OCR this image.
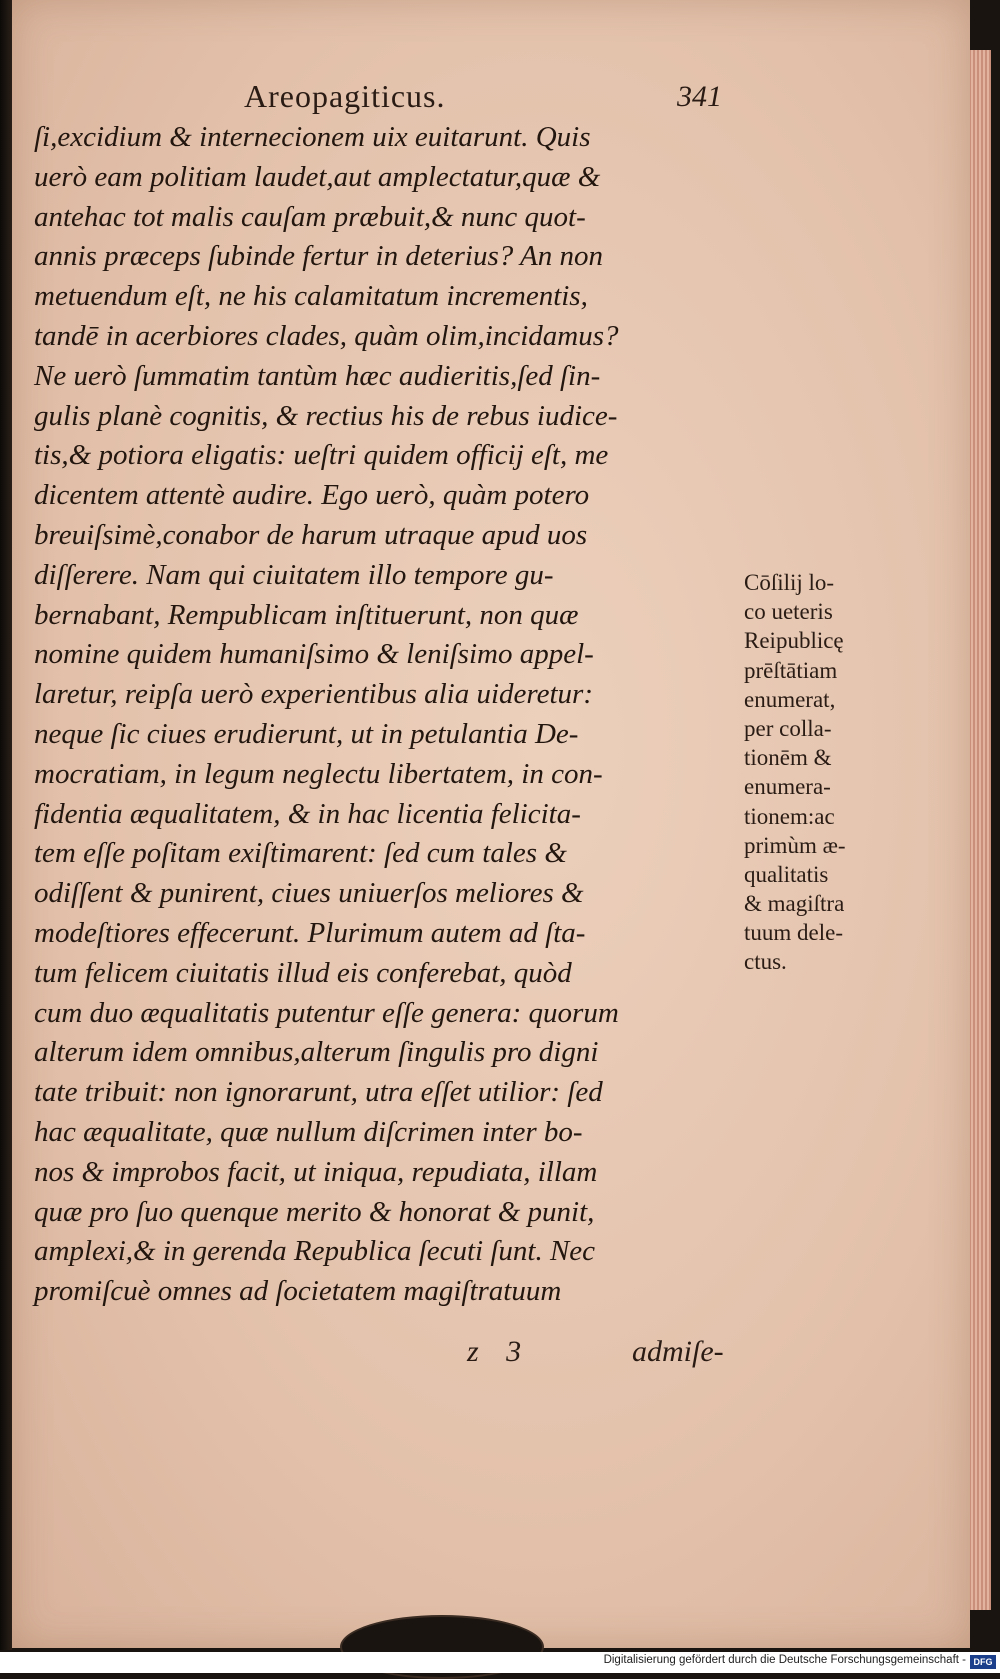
Areopagiticus.	341
ſi,excidium & internecionem uix euitarunt. Quis
uerò eam politiam laudet,aut amplectatur,quæ &
antehac tot malis cauſam præbuit,& nunc quot-
annis præceps ſubinde fertur in deterius? An non
metuendum eſt, ne his calamitatum incrementis,
tandē in acerbiores clades, quàm olim,incidamus?
Ne uerò ſummatim tantùm hæc audieritis,ſed ſin-
gulis planè cognitis, & rectius his de rebus iudice-
tis,& potiora eligatis: ueſtri quidem officij eſt, me
dicentem attentè audire. Ego uerò, quàm potero
breuiſsimè,conabor de harum utraque apud uos
diſſerere. Nam qui ciuitatem illo tempore gu-
bernabant, Rempublicam inſtituerunt, non quæ
nomine quidem humaniſsimo & leniſsimo appel-
laretur, reipſa uerò experientibus alia uideretur:
neque ſic ciues erudierunt, ut in petulantia De-
mocratiam, in legum neglectu libertatem, in con-
fidentia æqualitatem, & in hac licentia felicita-
tem eſſe poſitam exiſtimarent: ſed cum tales &
odiſſent & punirent, ciues uniuerſos meliores &
modeſtiores effecerunt. Plurimum autem ad ſta-
tum felicem ciuitatis illud eis conferebat, quòd
cum duo æqualitatis putentur eſſe genera: quorum
alterum idem omnibus,alterum ſingulis pro digni
tate tribuit: non ignorarunt, utra eſſet utilior: ſed
hac æqualitate, quæ nullum diſcrimen inter bo-
nos & improbos facit, ut iniqua, repudiata, illam
quæ pro ſuo quenque merito & honorat & punit,
amplexi,& in gerenda Republica ſecuti ſunt. Nec
promiſcuè omnes ad ſocietatem magiſtratuum
Cōſilij lo-
co ueteris
Reipublicę
prēſtātiam
enumerat,
per colla-
tionēm &
enumera-
tionem:ac
primùm æ-
qualitatis
& magiſtra
tuum dele-
ctus.
z 3	admiſe-
Digitalisierung gefördert durch die Deutsche Forschungsgemeinschaft - DFG
